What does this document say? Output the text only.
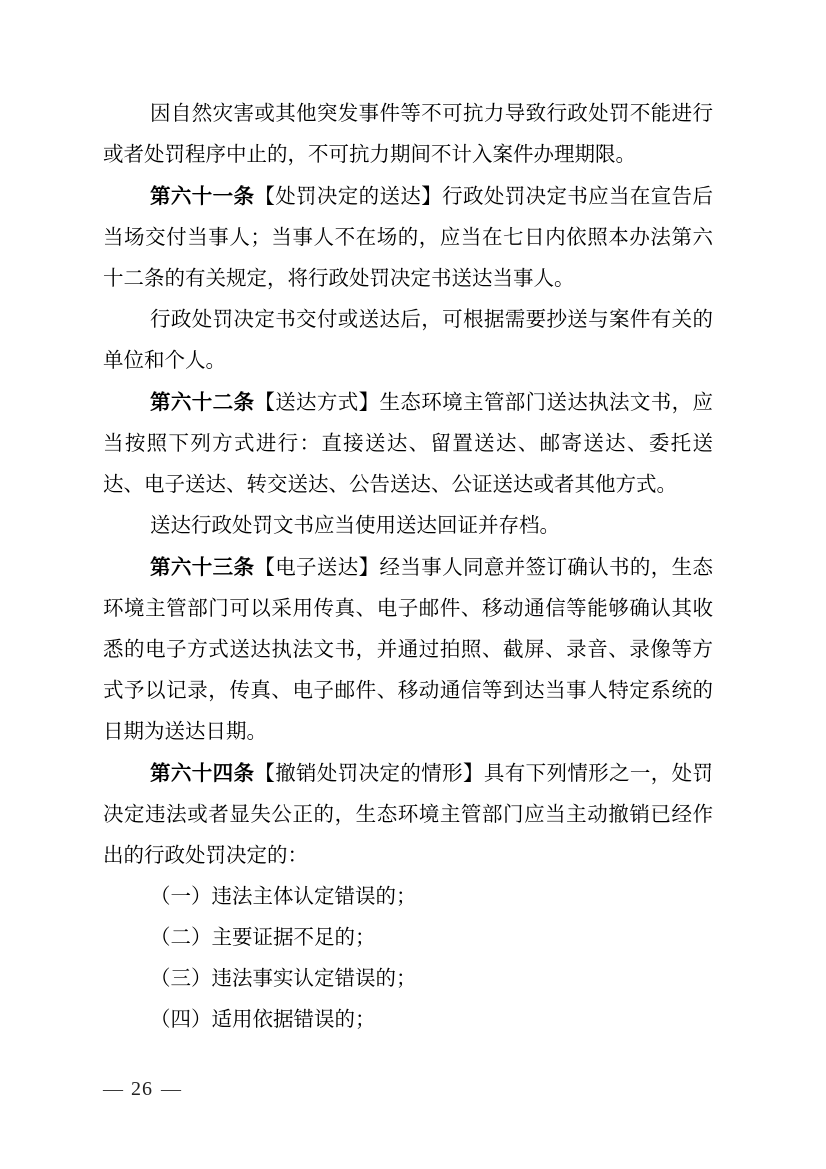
因自然灾害或其他突发事件等不可抗力导致行政处罚不能进行或者处罚程序中止的，不可抗力期间不计入案件办理期限。

第六十一条【处罚决定的送达】行政处罚决定书应当在宣告后当场交付当事人；当事人不在场的，应当在七日内依照本办法第六十二条的有关规定，将行政处罚决定书送达当事人。

行政处罚决定书交付或送达后，可根据需要抄送与案件有关的单位和个人。

第六十二条【送达方式】生态环境主管部门送达执法文书，应当按照下列方式进行：直接送达、留置送达、邮寄送达、委托送达、电子送达、转交送达、公告送达、公证送达或者其他方式。

送达行政处罚文书应当使用送达回证并存档。

第六十三条【电子送达】经当事人同意并签订确认书的，生态环境主管部门可以采用传真、电子邮件、移动通信等能够确认其收悉的电子方式送达执法文书，并通过拍照、截屏、录音、录像等方式予以记录，传真、电子邮件、移动通信等到达当事人特定系统的日期为送达日期。

第六十四条【撤销处罚决定的情形】具有下列情形之一，处罚决定违法或者显失公正的，生态环境主管部门应当主动撤销已经作出的行政处罚决定的：

（一）违法主体认定错误的；

（二）主要证据不足的；

（三）违法事实认定错误的；

（四）适用依据错误的；

— 26 —
